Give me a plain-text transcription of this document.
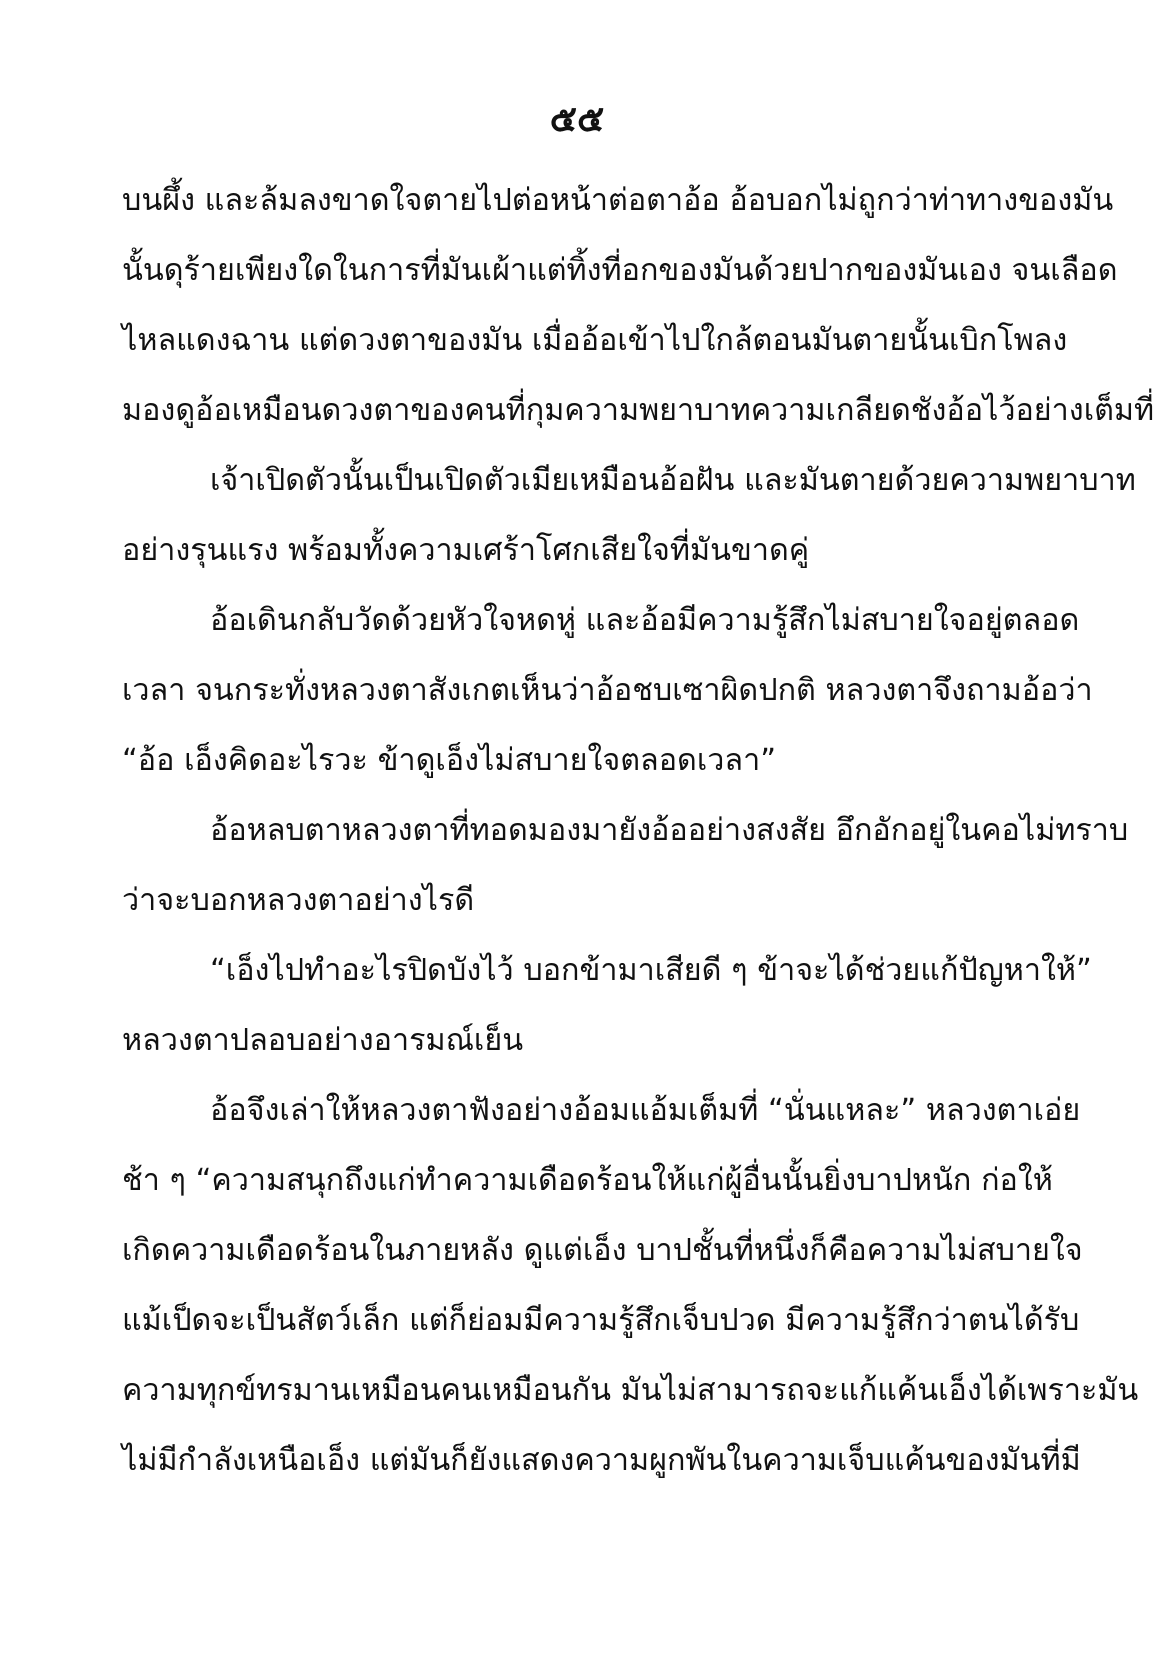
๕๕
บนผึ้ง และล้มลงขาดใจตายไปต่อหน้าต่อตาอ้อ อ้อบอกไม่ถูกว่าท่าทางของมัน
นั้นดุร้ายเพียงใดในการที่มันเผ้าแต่ทิ้งที่อกของมันด้วยปากของมันเอง จนเลือด
ไหลแดงฉาน แต่ดวงตาของมัน เมื่ออ้อเข้าไปใกล้ตอนมันตายนั้นเบิกโพลง
มองดูอ้อเหมือนดวงตาของคนที่กุมความพยาบาทความเกลียดชังอ้อไว้อย่างเต็มที่
เจ้าเปิดตัวนั้นเป็นเปิดตัวเมียเหมือนอ้อฝัน และมันตายด้วยความพยาบาท
อย่างรุนแรง พร้อมทั้งความเศร้าโศกเสียใจที่มันขาดคู่
อ้อเดินกลับวัดด้วยหัวใจหดหู่ และอ้อมีความรู้สึกไม่สบายใจอยู่ตลอด
เวลา จนกระทั่งหลวงตาสังเกตเห็นว่าอ้อชบเซาผิดปกติ หลวงตาจึงถามอ้อว่า
“อ้อ เอ็งคิดอะไรวะ ข้าดูเอ็งไม่สบายใจตลอดเวลา”
อ้อหลบตาหลวงตาที่ทอดมองมายังอ้ออย่างสงสัย อึกอักอยู่ในคอไม่ทราบ
ว่าจะบอกหลวงตาอย่างไรดี
“เอ็งไปทำอะไรปิดบังไว้ บอกข้ามาเสียดี ๆ ข้าจะได้ช่วยแก้ปัญหาให้”
หลวงตาปลอบอย่างอารมณ์เย็น
อ้อจึงเล่าให้หลวงตาฟังอย่างอ้อมแอ้มเต็มที่ “นั่นแหละ” หลวงตาเอ่ย
ช้า ๆ “ความสนุกถึงแก่ทำความเดือดร้อนให้แก่ผู้อื่นนั้นยิ่งบาปหนัก ก่อให้
เกิดความเดือดร้อนในภายหลัง ดูแต่เอ็ง บาปชั้นที่หนึ่งก็คือความไม่สบายใจ
แม้เป็ดจะเป็นสัตว์เล็ก แต่ก็ย่อมมีความรู้สึกเจ็บปวด มีความรู้สึกว่าตนได้รับ
ความทุกข์ทรมานเหมือนคนเหมือนกัน มันไม่สามารถจะแก้แค้นเอ็งได้เพราะมัน
ไม่มีกำลังเหนือเอ็ง แต่มันก็ยังแสดงความผูกพันในความเจ็บแค้นของมันที่มี
